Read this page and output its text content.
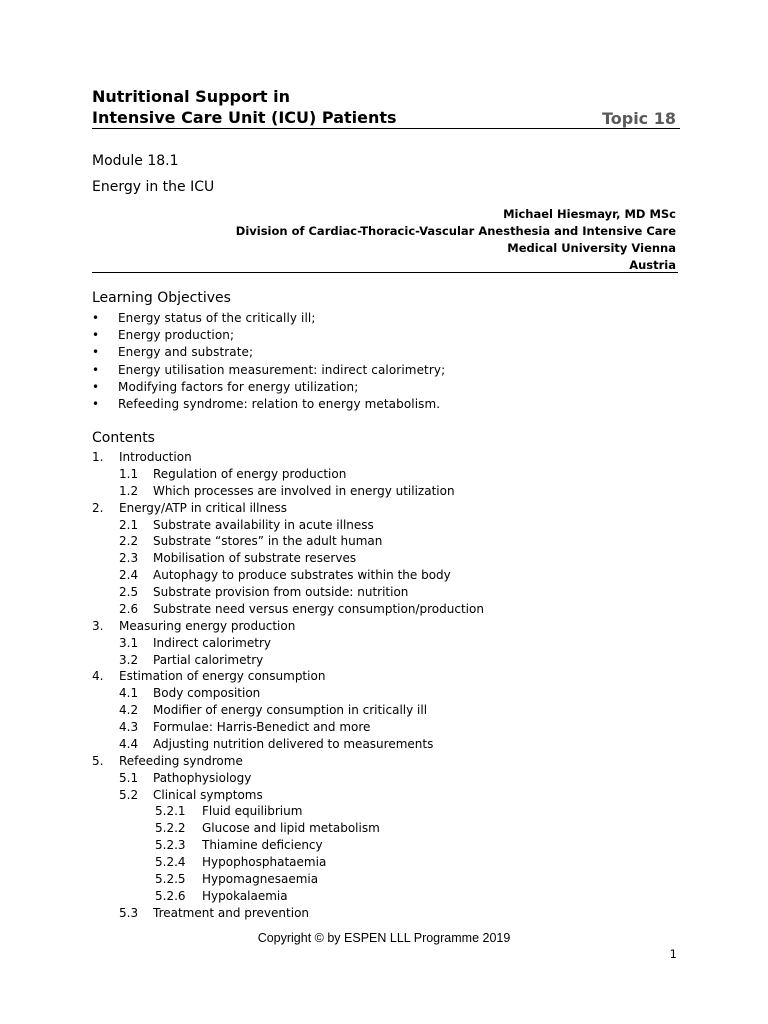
Nutritional Support in
Intensive Care Unit (ICU) Patients	Topic 18
Module 18.1
Energy in the ICU
Michael Hiesmayr, MD MSc
Division of Cardiac-Thoracic-Vascular Anesthesia and Intensive Care
Medical University Vienna
Austria
Learning Objectives
• Energy status of the critically ill;
• Energy production;
• Energy and substrate;
• Energy utilisation measurement: indirect calorimetry;
• Modifying factors for energy utilization;
• Refeeding syndrome: relation to energy metabolism.
Contents
1. Introduction
1.1 Regulation of energy production
1.2 Which processes are involved in energy utilization
2. Energy/ATP in critical illness
2.1 Substrate availability in acute illness
2.2 Substrate “stores” in the adult human
2.3 Mobilisation of substrate reserves
2.4 Autophagy to produce substrates within the body
2.5 Substrate provision from outside: nutrition
2.6 Substrate need versus energy consumption/production
3. Measuring energy production
3.1 Indirect calorimetry
3.2 Partial calorimetry
4. Estimation of energy consumption
4.1 Body composition
4.2 Modifier of energy consumption in critically ill
4.3 Formulae: Harris-Benedict and more
4.4 Adjusting nutrition delivered to measurements
5. Refeeding syndrome
5.1 Pathophysiology
5.2 Clinical symptoms
5.2.1 Fluid equilibrium
5.2.2 Glucose and lipid metabolism
5.2.3 Thiamine deficiency
5.2.4 Hypophosphataemia
5.2.5 Hypomagnesaemia
5.2.6 Hypokalaemia
5.3 Treatment and prevention
Copyright © by ESPEN LLL Programme 2019
1
